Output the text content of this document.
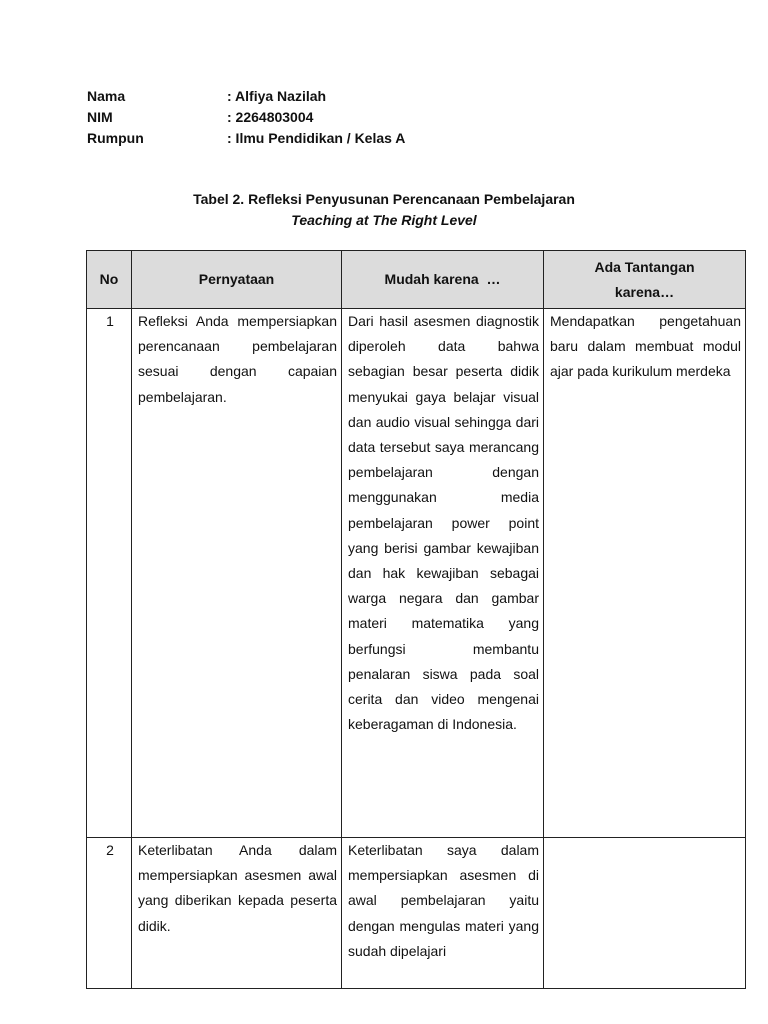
Nama	: Alfiya Nazilah
NIM	: 2264803004
Rumpun	: Ilmu Pendidikan / Kelas A
Tabel 2. Refleksi Penyusunan Perencanaan Pembelajaran
Teaching at The Right Level
No	Pernyataan	Mudah karena  …	Ada Tantangan karena…

1	Refleksi Anda mempersiapkan perencanaan pembelajaran sesuai dengan capaian pembelajaran.	Dari hasil asesmen diagnostik diperoleh data bahwa sebagian besar peserta didik menyukai gaya belajar visual dan audio visual sehingga dari data tersebut saya merancang pembelajaran dengan menggunakan media pembelajaran power point yang berisi gambar kewajiban dan hak kewajiban sebagai warga negara dan gambar materi matematika yang berfungsi membantu penalaran siswa pada soal cerita dan video mengenai keberagaman di Indonesia.	Mendapatkan pengetahuan baru dalam membuat modul ajar pada kurikulum merdeka

2	Keterlibatan Anda dalam mempersiapkan asesmen awal yang diberikan kepada peserta didik.	Keterlibatan saya dalam mempersiapkan asesmen di awal pembelajaran yaitu dengan mengulas materi yang sudah dipelajari	
